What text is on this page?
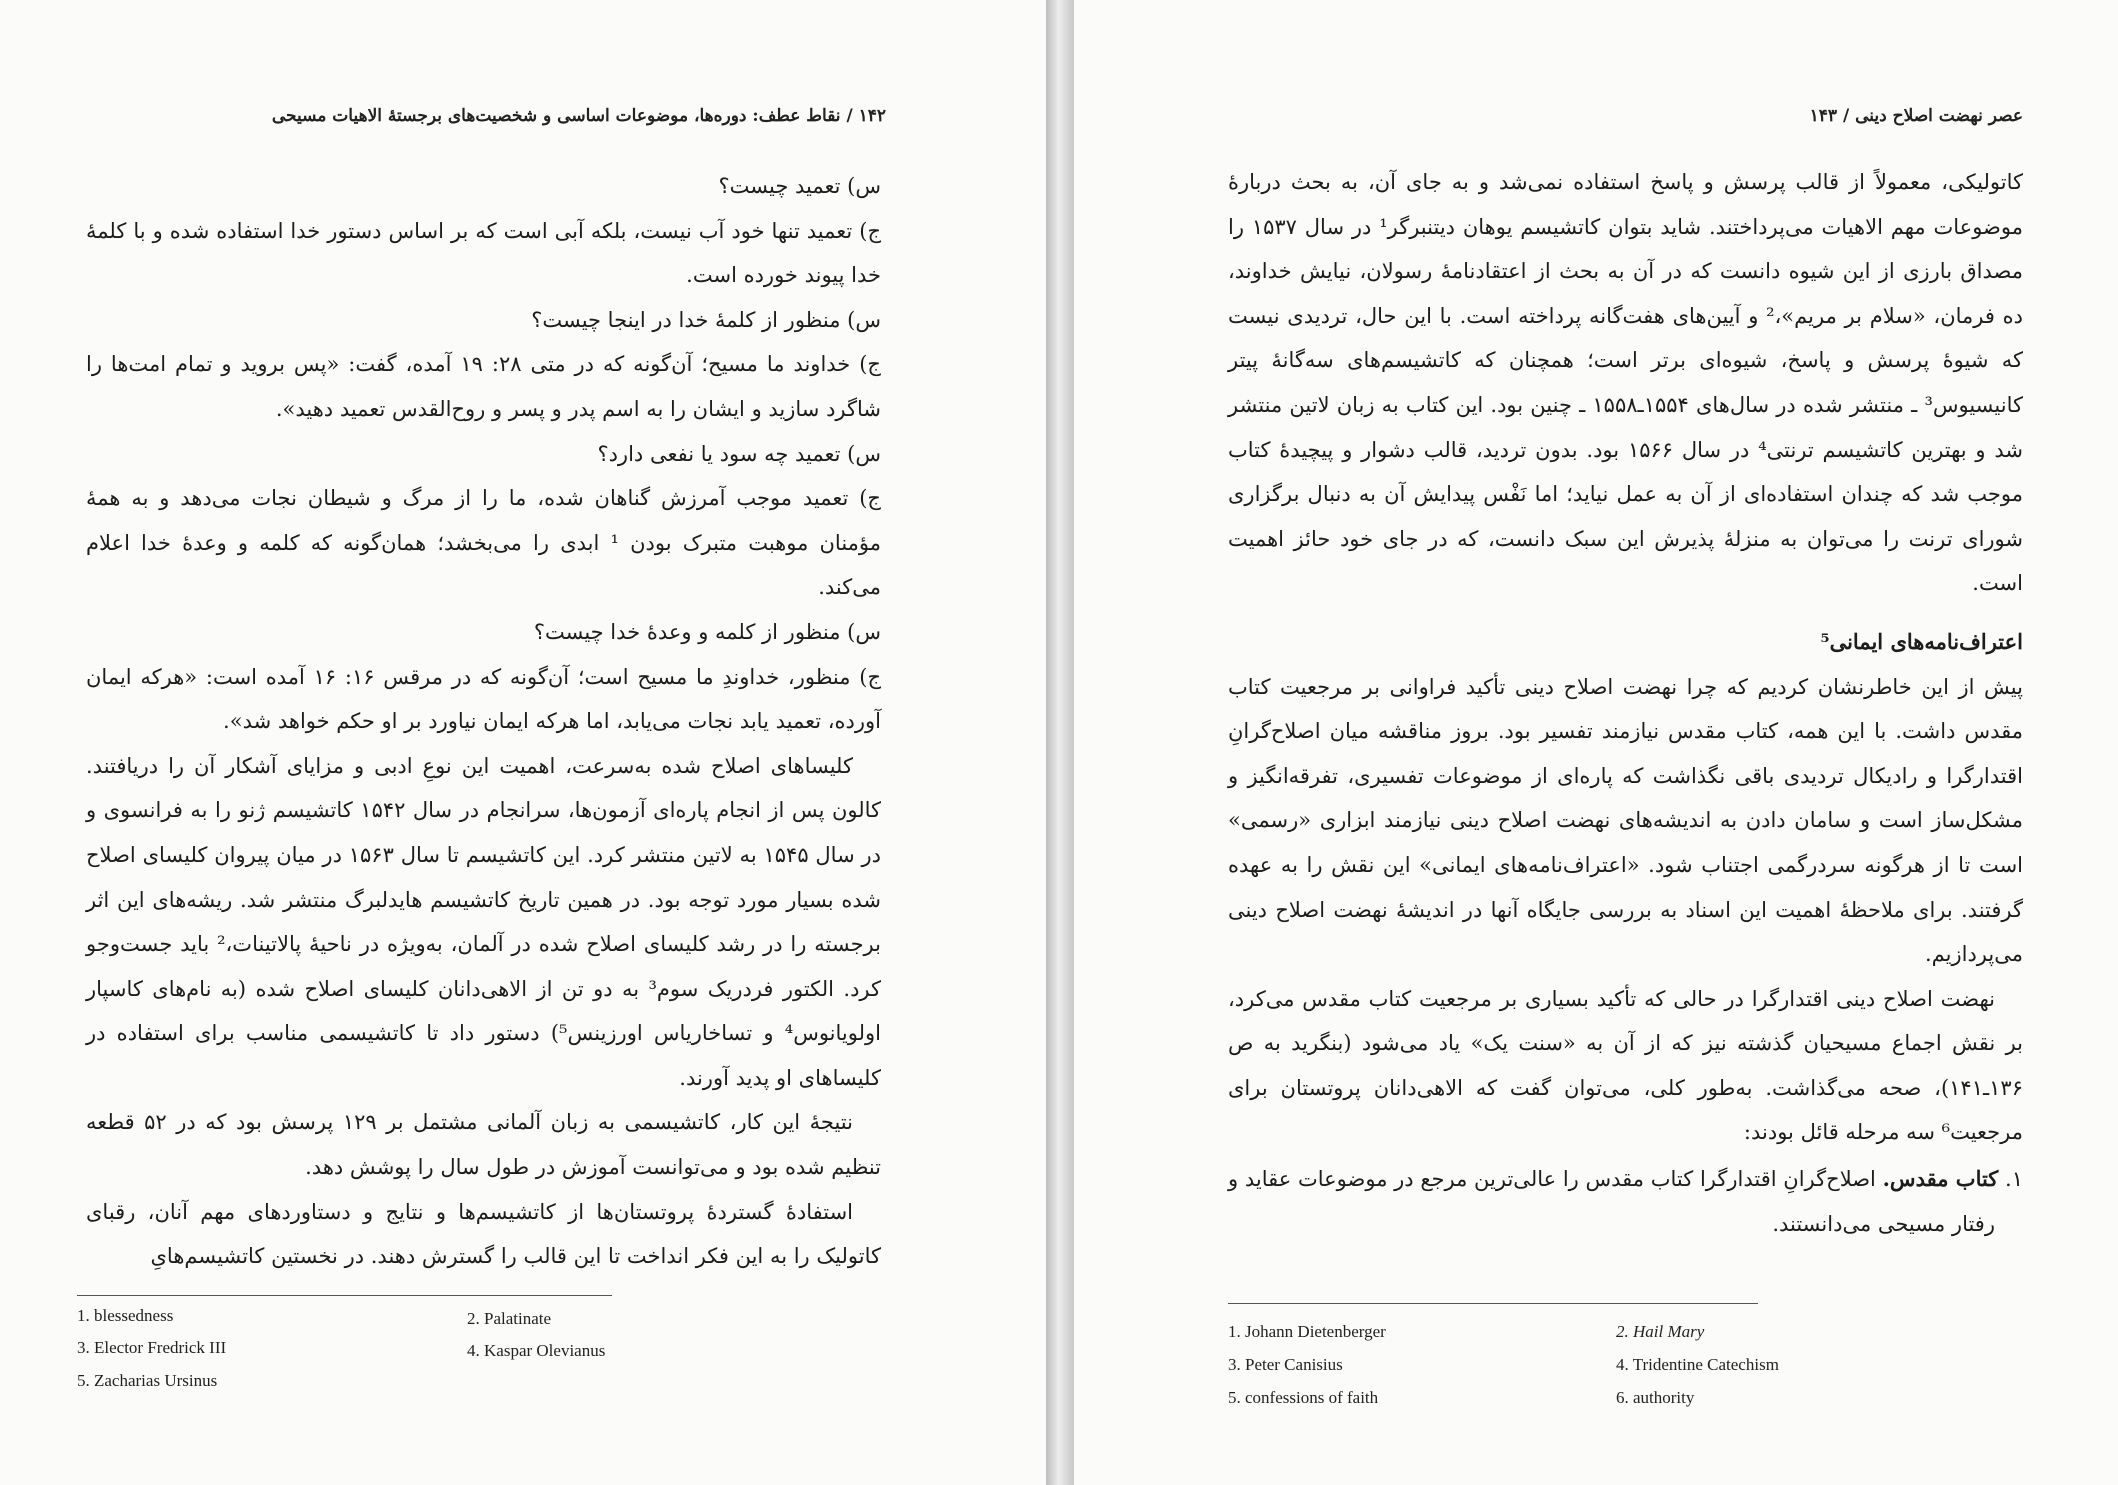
۱۴۲ / نقاط عطف: دوره‌ها، موضوعات اساسی و شخصیت‌های برجستهٔ الاهیات مسیحی

س) تعمید چیست؟

ج) تعمید تنها خود آب نیست، بلکه آبی است که بر اساس دستور خدا استفاده شده و با کلمهٔ خدا پیوند خورده است.

س) منظور از کلمهٔ خدا در اینجا چیست؟

ج) خداوند ما مسیح؛ آن‌گونه که در متی ۲۸: ۱۹ آمده، گفت: «پس بروید و تمام امت‌ها را شاگرد سازید و ایشان را به اسم پدر و پسر و روح‌القدس تعمید دهید».

س) تعمید چه سود یا نفعی دارد؟

ج) تعمید موجب آمرزش گناهان شده، ما را از مرگ و شیطان نجات می‌دهد و به همهٔ مؤمنان موهبت متبرک بودن ¹ ابدی را می‌بخشد؛ همان‌گونه که کلمه و وعدهٔ خدا اعلام می‌کند.

س) منظور از کلمه و وعدهٔ خدا چیست؟

ج) منظور، خداوندِ ما مسیح است؛ آن‌گونه که در مرقس ۱۶: ۱۶ آمده است: «هرکه ایمان آورده، تعمید یابد نجات می‌یابد، اما هرکه ایمان نیاورد بر او حکم خواهد شد».

کلیساهای اصلاح شده به‌سرعت، اهمیت این نوعِ ادبی و مزایای آشکار آن را دریافتند. کالون پس از انجام پاره‌ای آزمون‌ها، سرانجام در سال ۱۵۴۲ کاتشیسم ژنو را به فرانسوی و در سال ۱۵۴۵ به لاتین منتشر کرد. این کاتشیسم تا سال ۱۵۶۳ در میان پیروان کلیسای اصلاح شده بسیار مورد توجه بود. در همین تاریخ کاتشیسم هایدلبرگ منتشر شد. ریشه‌های این اثر برجسته را در رشد کلیسای اصلاح شده در آلمان، به‌ویژه در ناحیهٔ پالاتینات،² باید جست‌وجو کرد. الکتور فردریک سوم³ به دو تن از الاهی‌دانان کلیسای اصلاح شده (به نام‌های کاسپار اولویانوس⁴ و تساخاریاس اورزینس⁵) دستور داد تا کاتشیسمی مناسب برای استفاده در کلیساهای او پدید آورند.

نتیجهٔ این کار، کاتشیسمی به زبان آلمانی مشتمل بر ۱۲۹ پرسش بود که در ۵۲ قطعه تنظیم شده بود و می‌توانست آموزش در طول سال را پوشش دهد.

استفادهٔ گستردهٔ پروتستان‌ها از کاتشیسم‌ها و نتایج و دستاوردهای مهم آنان، رقبای کاتولیک را به این فکر انداخت تا این قالب را گسترش دهند. در نخستین کاتشیسم‌هایِ

1. blessedness	2. Palatinate
3. Elector Fredrick III	4. Kaspar Olevianus
5. Zacharias Ursinus
عصر نهضت اصلاح دینی / ۱۴۳

کاتولیکی، معمولاً از قالب پرسش و پاسخ استفاده نمی‌شد و به جای آن، به بحث دربارهٔ موضوعات مهم الاهیات می‌پرداختند. شاید بتوان کاتشیسم یوهان دیتنبرگر¹ در سال ۱۵۳۷ را مصداق بارزی از این شیوه دانست که در آن به بحث از اعتقادنامهٔ رسولان، نیایش خداوند، ده فرمان، «سلام بر مریم»،² و آیین‌های هفت‌گانه پرداخته است. با این حال، تردیدی نیست که شیوهٔ پرسش و پاسخ، شیوه‌ای برتر است؛ همچنان که کاتشیسم‌های سه‌گانهٔ پیتر کانیسیوس³ ـ منتشر شده در سال‌های ۱۵۵۴ـ۱۵۵۸ ـ چنین بود. این کتاب به زبان لاتین منتشر شد و بهترین کاتشیسم ترنتی⁴ در سال ۱۵۶۶ بود. بدون تردید، قالب دشوار و پیچیدهٔ کتاب موجب شد که چندان استفاده‌ای از آن به عمل نیاید؛ اما نَفْس پیدایش آن به دنبال برگزاری شورای ترنت را می‌توان به منزلهٔ پذیرش این سبک دانست، که در جای خود حائز اهمیت است.

اعتراف‌نامه‌های ایمانی⁵

پیش از این خاطرنشان کردیم که چرا نهضت اصلاح دینی تأکید فراوانی بر مرجعیت کتاب مقدس داشت. با این همه، کتاب مقدس نیازمند تفسیر بود. بروز مناقشه میان اصلاح‌گرانِ اقتدارگرا و رادیکال تردیدی باقی نگذاشت که پاره‌ای از موضوعات تفسیری، تفرقه‌انگیز و مشکل‌ساز است و سامان دادن به اندیشه‌های نهضت اصلاح دینی نیازمند ابزاری «رسمی» است تا از هرگونه سردرگمی اجتناب شود. «اعتراف‌نامه‌های ایمانی» این نقش را به عهده گرفتند. برای ملاحظهٔ اهمیت این اسناد به بررسی جایگاه آنها در اندیشهٔ نهضت اصلاح دینی می‌پردازیم.

نهضت اصلاح دینی اقتدارگرا در حالی که تأکید بسیاری بر مرجعیت کتاب مقدس می‌کرد، بر نقش اجماع مسیحیان گذشته نیز که از آن به «سنت یک» یاد می‌شود (بنگرید به ص ۱۳۶ـ۱۴۱)، صحه می‌گذاشت. به‌طور کلی، می‌توان گفت که الاهی‌دانان پروتستان برای مرجعیت⁶ سه مرحله قائل بودند:

۱. کتاب مقدس. اصلاح‌گرانِ اقتدارگرا کتاب مقدس را عالی‌ترین مرجع در موضوعات عقاید و رفتار مسیحی می‌دانستند.

1. Johann Dietenberger	2. Hail Mary
3. Peter Canisius	4. Tridentine Catechism
5. confessions of faith	6. authority
